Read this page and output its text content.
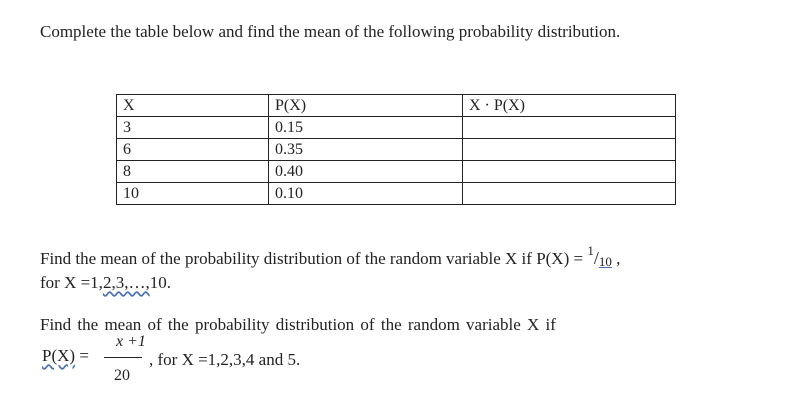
Complete the table below and find the mean of the following probability distribution.
X	P(X)	X · P(X)
3	0.15	
6	0.35	
8	0.40	
10	0.10	
Find the mean of the probability distribution of the random variable X if P(X) = $^1$/10 ,
for X =1,2,3,…,10.
Find the mean of the probability distribution of the random variable X if
P(X) =
x +1
20
, for X =1,2,3,4 and 5.
